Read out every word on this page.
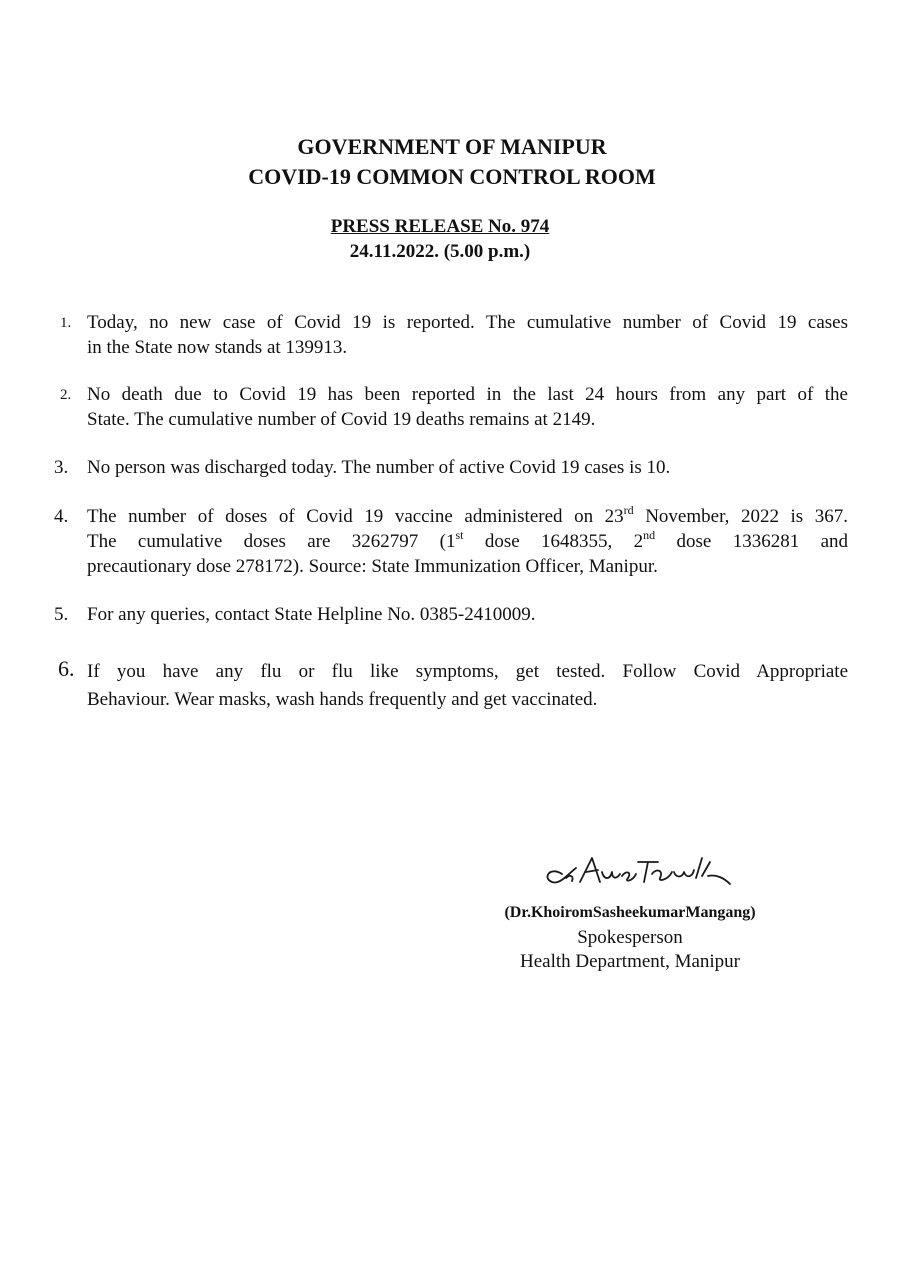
GOVERNMENT OF MANIPUR
COVID-19 COMMON CONTROL ROOM
PRESS RELEASE No. 974
24.11.2022. (5.00 p.m.)
1. Today, no new case of Covid 19 is reported. The cumulative number of Covid 19 cases
in the State now stands at 139913.
2. No death due to Covid 19 has been reported in the last 24 hours from any part of the
State. The cumulative number of Covid 19 deaths remains at 2149.
3. No person was discharged today. The number of active Covid 19 cases is 10.
4. The number of doses of Covid 19 vaccine administered on 23rd November, 2022 is 367.
The cumulative doses are 3262797 (1st dose 1648355, 2nd dose 1336281 and
precautionary dose 278172). Source: State Immunization Officer, Manipur.
5. For any queries, contact State Helpline No. 0385-2410009.
6. If you have any flu or flu like symptoms, get tested. Follow Covid Appropriate
Behaviour. Wear masks, wash hands frequently and get vaccinated.
(Dr.KhoiromSasheekumarMangang)
Spokesperson
Health Department, Manipur
